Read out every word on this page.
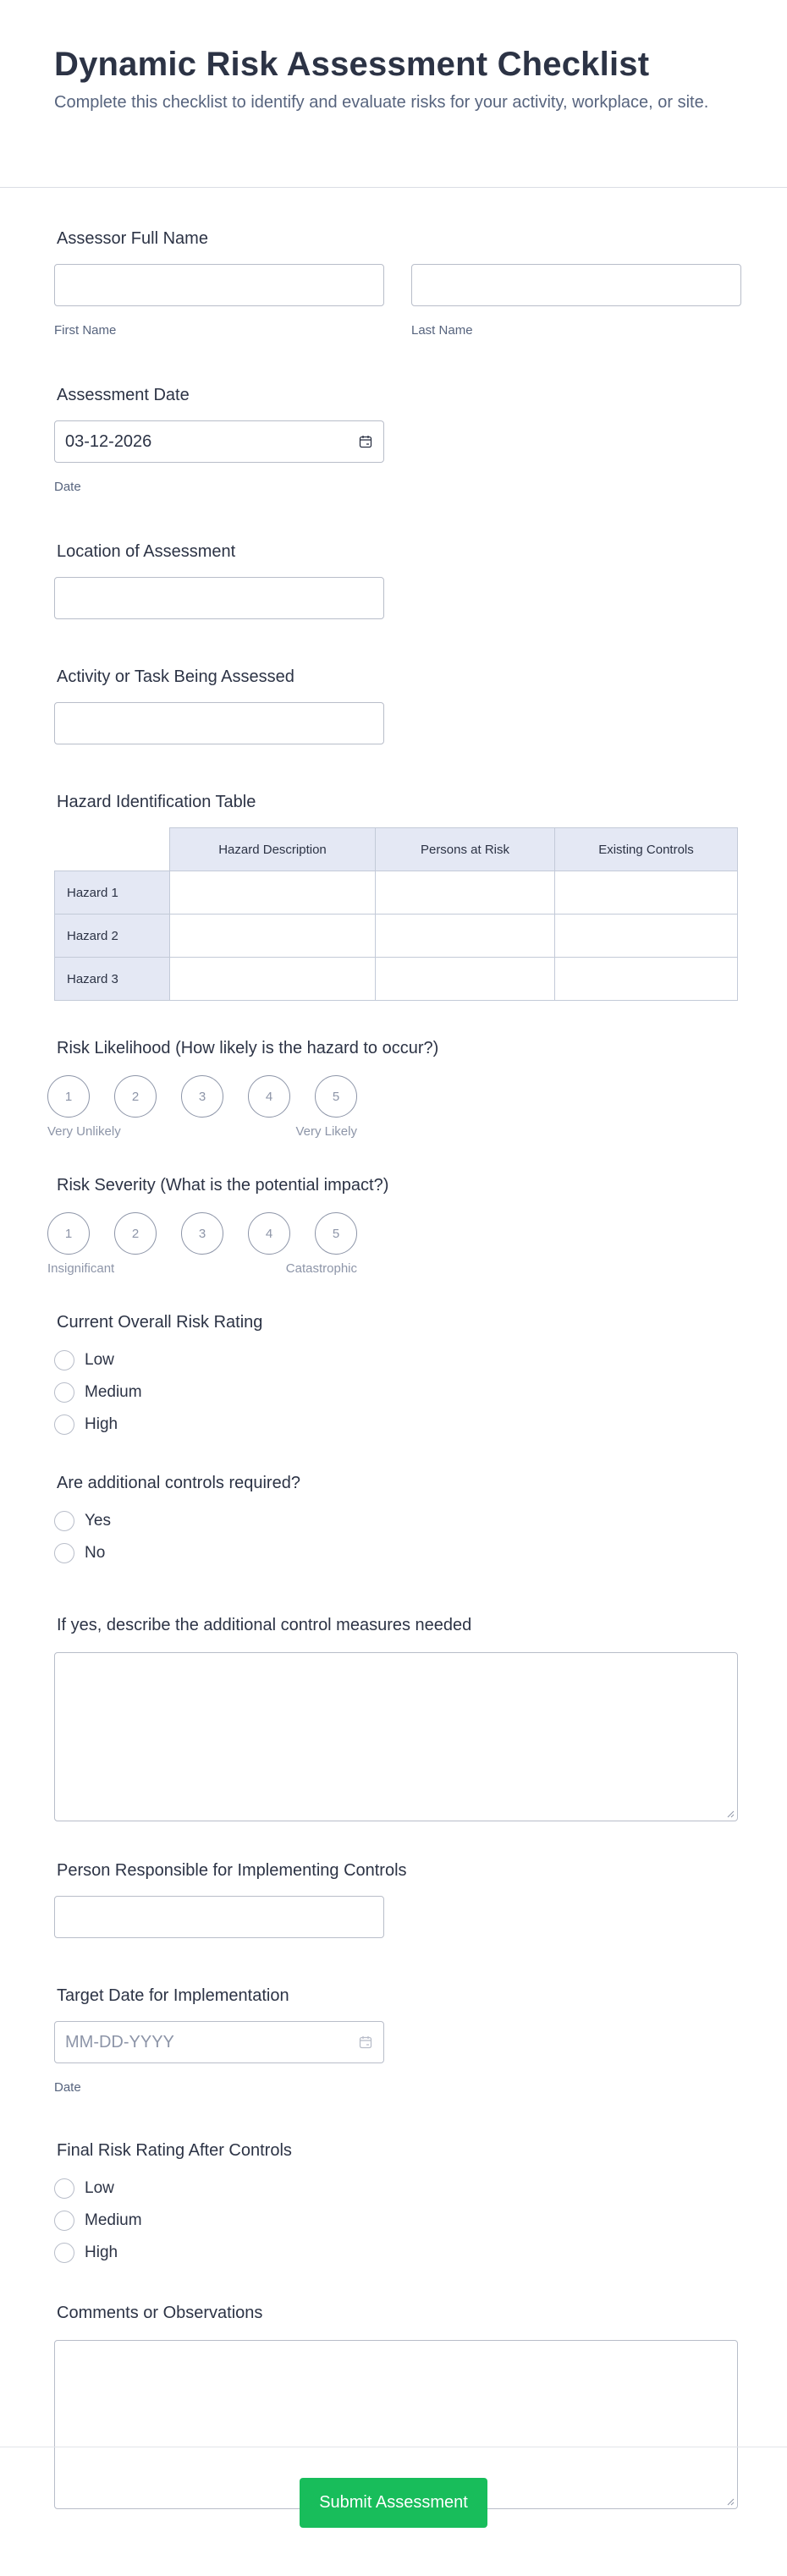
Dynamic Risk Assessment Checklist

Complete this checklist to identify and evaluate risks for your activity, workplace, or site.

Assessor Full Name
First Name	Last Name
Assessment Date
03-12-2026
Date
Location of Assessment
Activity or Task Being Assessed
Hazard Identification Table
	Hazard Description	Persons at Risk	Existing Controls
Hazard 1			
Hazard 2			
Hazard 3			
Risk Likelihood (How likely is the hazard to occur?)
1	2	3	4	5
Very Unlikely	Very Likely
Risk Severity (What is the potential impact?)
1	2	3	4	5
Insignificant	Catastrophic
Current Overall Risk Rating
Low
Medium
High
Are additional controls required?
Yes
No
If yes, describe the additional control measures needed
Person Responsible for Implementing Controls
Target Date for Implementation
MM-DD-YYYY
Date
Final Risk Rating After Controls
Low
Medium
High
Comments or Observations
Submit Assessment
